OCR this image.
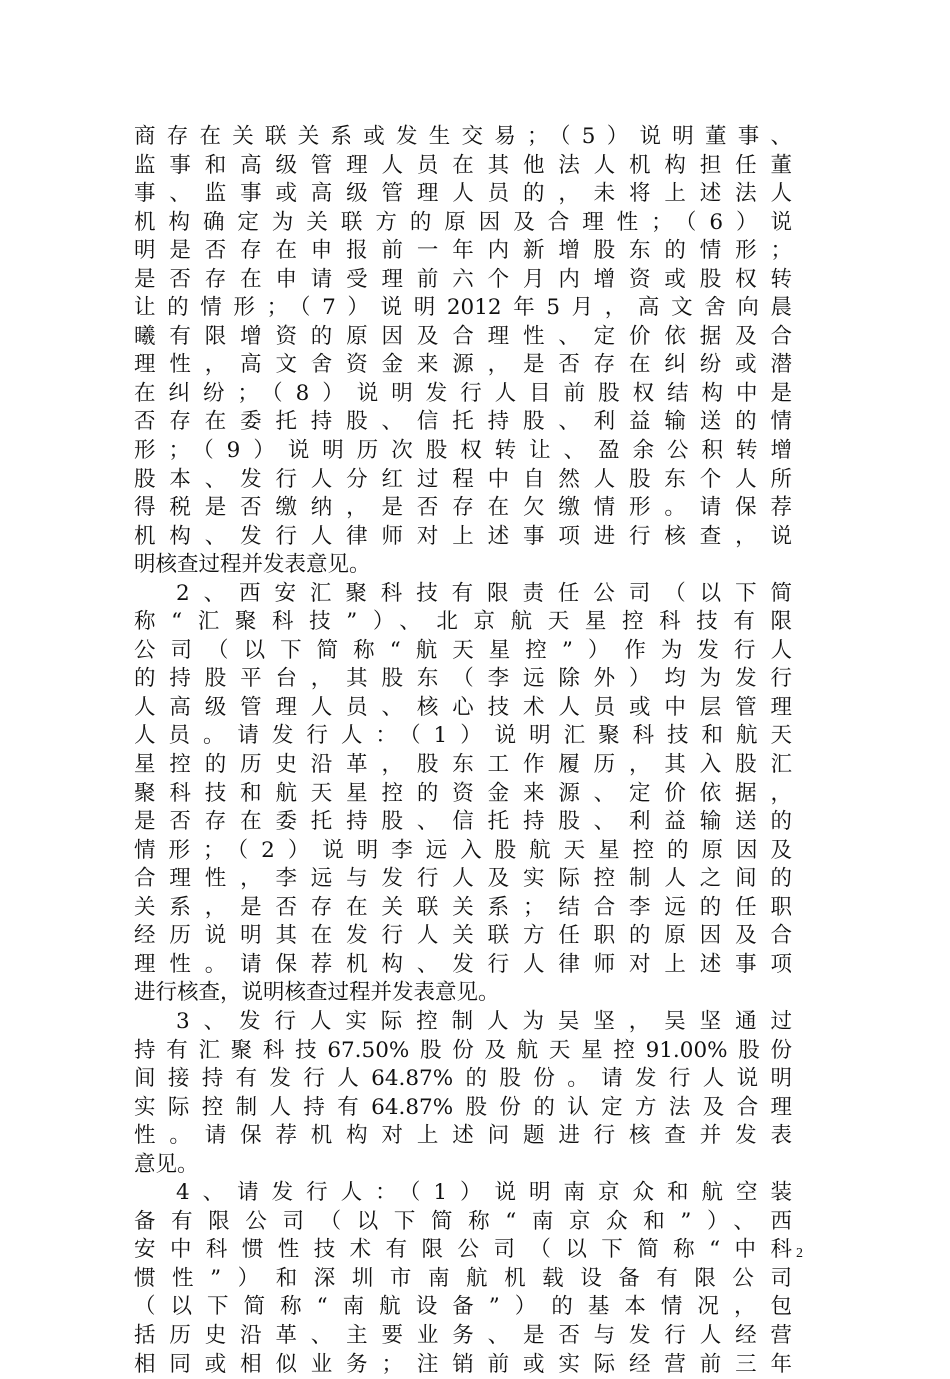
商存在关联关系或发生交易；（5）说明董事、
监事和高级管理人员在其他法人机构担任董
事、监事或高级管理人员的，未将上述法人
机构确定为关联方的原因及合理性；（6）说
明是否存在申报前一年内新增股东的情形；
是否存在申请受理前六个月内增资或股权转
让的情形；（7）说明2012年5月，高文舍向晨
曦有限增资的原因及合理性、定价依据及合
理性，高文舍资金来源，是否存在纠纷或潜
在纠纷；（8）说明发行人目前股权结构中是
否存在委托持股、信托持股、利益输送的情
形；（9）说明历次股权转让、盈余公积转增
股本、发行人分红过程中自然人股东个人所
得税是否缴纳，是否存在欠缴情形。请保荐
机构、发行人律师对上述事项进行核查，说
明核查过程并发表意见。
2、西安汇聚科技有限责任公司（以下简
称“汇聚科技”）、北京航天星控科技有限
公司（以下简称“航天星控”）作为发行人
的持股平台，其股东（李远除外）均为发行
人高级管理人员、核心技术人员或中层管理
人员。请发行人：（1）说明汇聚科技和航天
星控的历史沿革，股东工作履历，其入股汇
聚科技和航天星控的资金来源、定价依据，
是否存在委托持股、信托持股、利益输送的
情形；（2）说明李远入股航天星控的原因及
合理性，李远与发行人及实际控制人之间的
关系，是否存在关联关系；结合李远的任职
经历说明其在发行人关联方任职的原因及合
理性。请保荐机构、发行人律师对上述事项
进行核查，说明核查过程并发表意见。
3、发行人实际控制人为吴坚，吴坚通过
持有汇聚科技67.50%股份及航天星控91.00%股份
间接持有发行人64.87%的股份。请发行人说明
实际控制人持有64.87%股份的认定方法及合理
性。请保荐机构对上述问题进行核查并发表
意见。
4、请发行人：（1）说明南京众和航空装
备有限公司（以下简称“南京众和”）、西
安中科惯性技术有限公司（以下简称“中科
惯性”）和深圳市南航机载设备有限公司
（以下简称“南航设备”）的基本情况，包
括历史沿革、主要业务、是否与发行人经营
相同或相似业务；注销前或实际经营前三年
2
